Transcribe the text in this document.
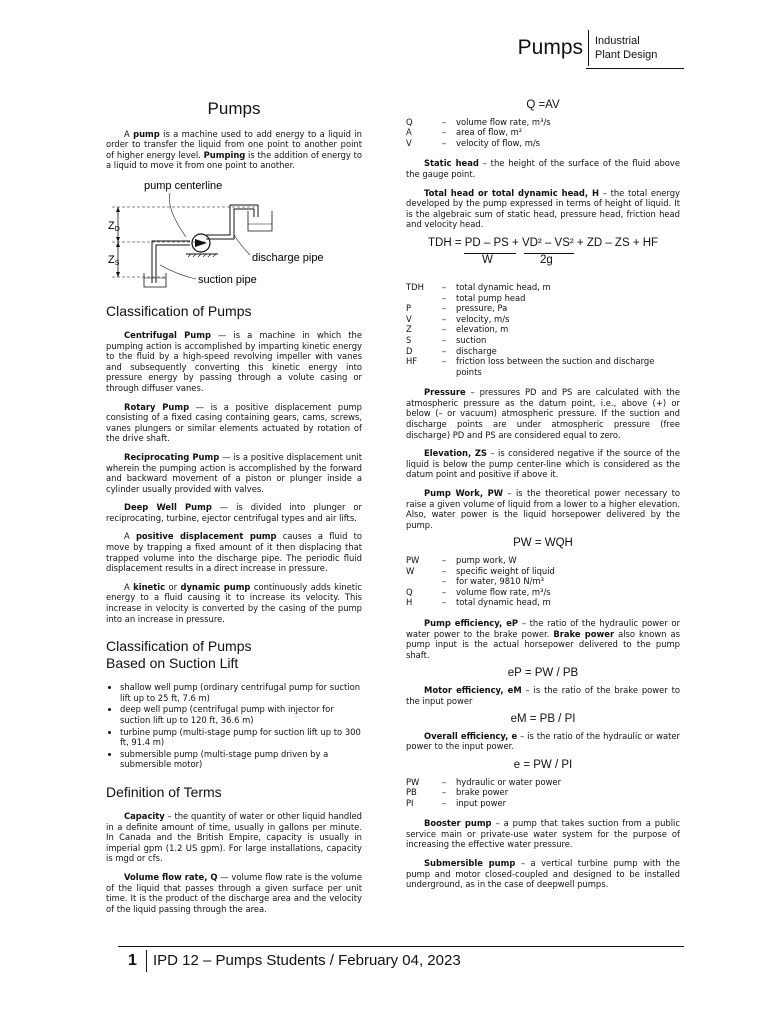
Pumps Industrial
Plant Design
Pumps

A pump is a machine used to add energy to a liquid in order to transfer the liquid from one point to another point of higher energy level. Pumping is the addition of energy to a liquid to move it from one point to another.

pump centerline
ZD
ZS	discharge pipe
suction pipe
Classification of Pumps

Centrifugal Pump — is a machine in which the pumping action is accomplished by imparting kinetic energy to the fluid by a high-speed revolving impeller with vanes and subsequently converting this kinetic energy into pressure energy by passing through a volute casing or through diffuser vanes.

Rotary Pump — is a positive displacement pump consisting of a fixed casing containing gears, cams, screws, vanes plungers or similar elements actuated by rotation of the drive shaft.

Reciprocating Pump — is a positive displacement unit wherein the pumping action is accomplished by the forward and backward movement of a piston or plunger inside a cylinder usually provided with valves.

Deep Well Pump — is divided into plunger or reciprocating, turbine, ejector centrifugal types and air lifts.

A positive displacement pump causes a fluid to move by trapping a fixed amount of it then displacing that trapped volume into the discharge pipe. The periodic fluid displacement results in a direct increase in pressure.

A kinetic or dynamic pump continuously adds kinetic energy to a fluid causing it to increase its velocity. This increase in velocity is converted by the casing of the pump into an increase in pressure.

Classification of Pumps
Based on Suction Lift
• shallow well pump (ordinary centrifugal pump for suction lift up to 25 ft, 7.6 m)
• deep well pump (centrifugal pump with injector for suction lift up to 120 ft, 36.6 m)
• turbine pump (multi-stage pump for suction lift up to 300 ft, 91.4 m)
• submersible pump (multi-stage pump driven by a submersible motor)
Definition of Terms

Capacity – the quantity of water or other liquid handled in a definite amount of time, usually in gallons per minute. In Canada and the British Empire, capacity is usually in imperial gpm (1.2 US gpm). For large installations, capacity is mgd or cfs.

Volume flow rate, Q — volume flow rate is the volume of the liquid that passes through a given surface per unit time. It is the product of the discharge area and the velocity of the liquid passing through the area.

Q =AV
Q	–	volume flow rate, m³/s
A	–	area of flow, m²
V	–	velocity of flow, m/s

Static head – the height of the surface of the fluid above the gauge point.

Total head or total dynamic head, H – the total energy developed by the pump expressed in terms of height of liquid. It is the algebraic sum of static head, pressure head, friction head and velocity head.

TDH = PD – PS + VD² – VS² + ZD – ZS + HF
W	2g
TDH	–	total dynamic head, m
–	total pump head
P	–	pressure, Pa
V	–	velocity, m/s
Z	–	elevation, m
S	–	suction
D	–	discharge
HF	–	friction loss between the suction and discharge points

Pressure – pressures PD and PS are calculated with the atmospheric pressure as the datum point, i.e., above (+) or below (– or vacuum) atmospheric pressure. If the suction and discharge points are under atmospheric pressure (free discharge) PD and PS are considered equal to zero.

Elevation, ZS – is considered negative if the source of the liquid is below the pump center-line which is considered as the datum point and positive if above it.

Pump Work, PW – is the theoretical power necessary to raise a given volume of liquid from a lower to a higher elevation. Also, water power is the liquid horsepower delivered by the pump.

PW = WQH
PW	–	pump work, W
W	–	specific weight of liquid
–	for water, 9810 N/m³
Q	–	volume flow rate, m³/s
H	–	total dynamic head, m

Pump efficiency, eP – the ratio of the hydraulic power or water power to the brake power. Brake power also known as pump input is the actual horsepower delivered to the pump shaft.

eP = PW / PB

Motor efficiency, eM – is the ratio of the brake power to the input power

eM = PB / PI

Overall efficiency, e – is the ratio of the hydraulic or water power to the input power.

e = PW / PI
PW	–	hydraulic or water power
PB	–	brake power
PI	–	input power

Booster pump – a pump that takes suction from a public service main or private-use water system for the purpose of increasing the effective water pressure.

Submersible pump – a vertical turbine pump with the pump and motor closed-coupled and designed to be installed underground, as in the case of deepwell pumps.

1 IPD 12 – Pumps Students / February 04, 2023
